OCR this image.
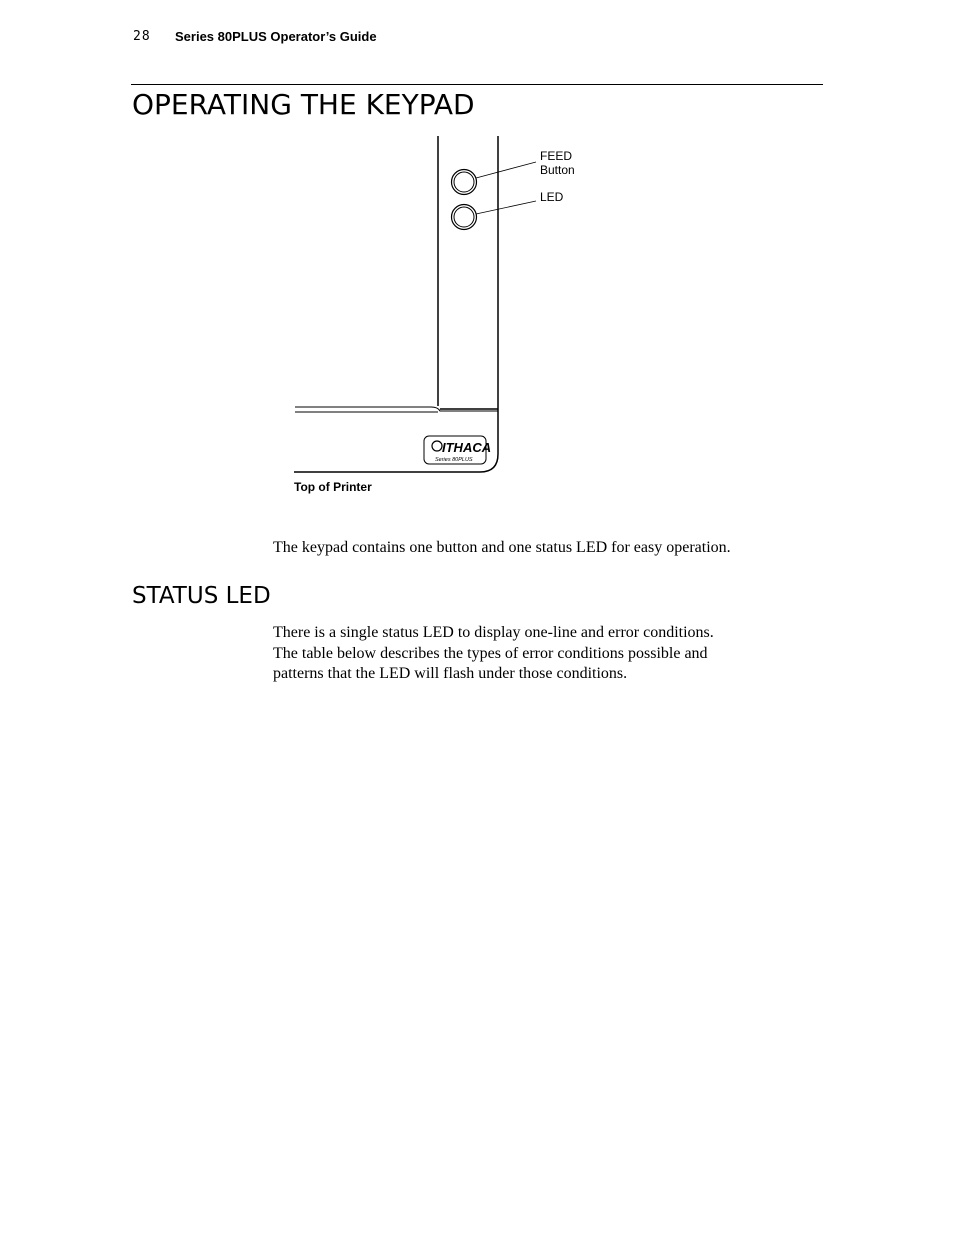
28 Series 80PLUS Operator’s Guide
OPERATING THE KEYPAD
ITHACA
Series 80PLUS
FEED
Button
LED
Top of Printer

The keypad contains one button and one status LED for easy operation.

STATUS LED

There is a single status LED to display one-line and error conditions.
The table below describes the types of error conditions possible and
patterns that the LED will flash under those conditions.
